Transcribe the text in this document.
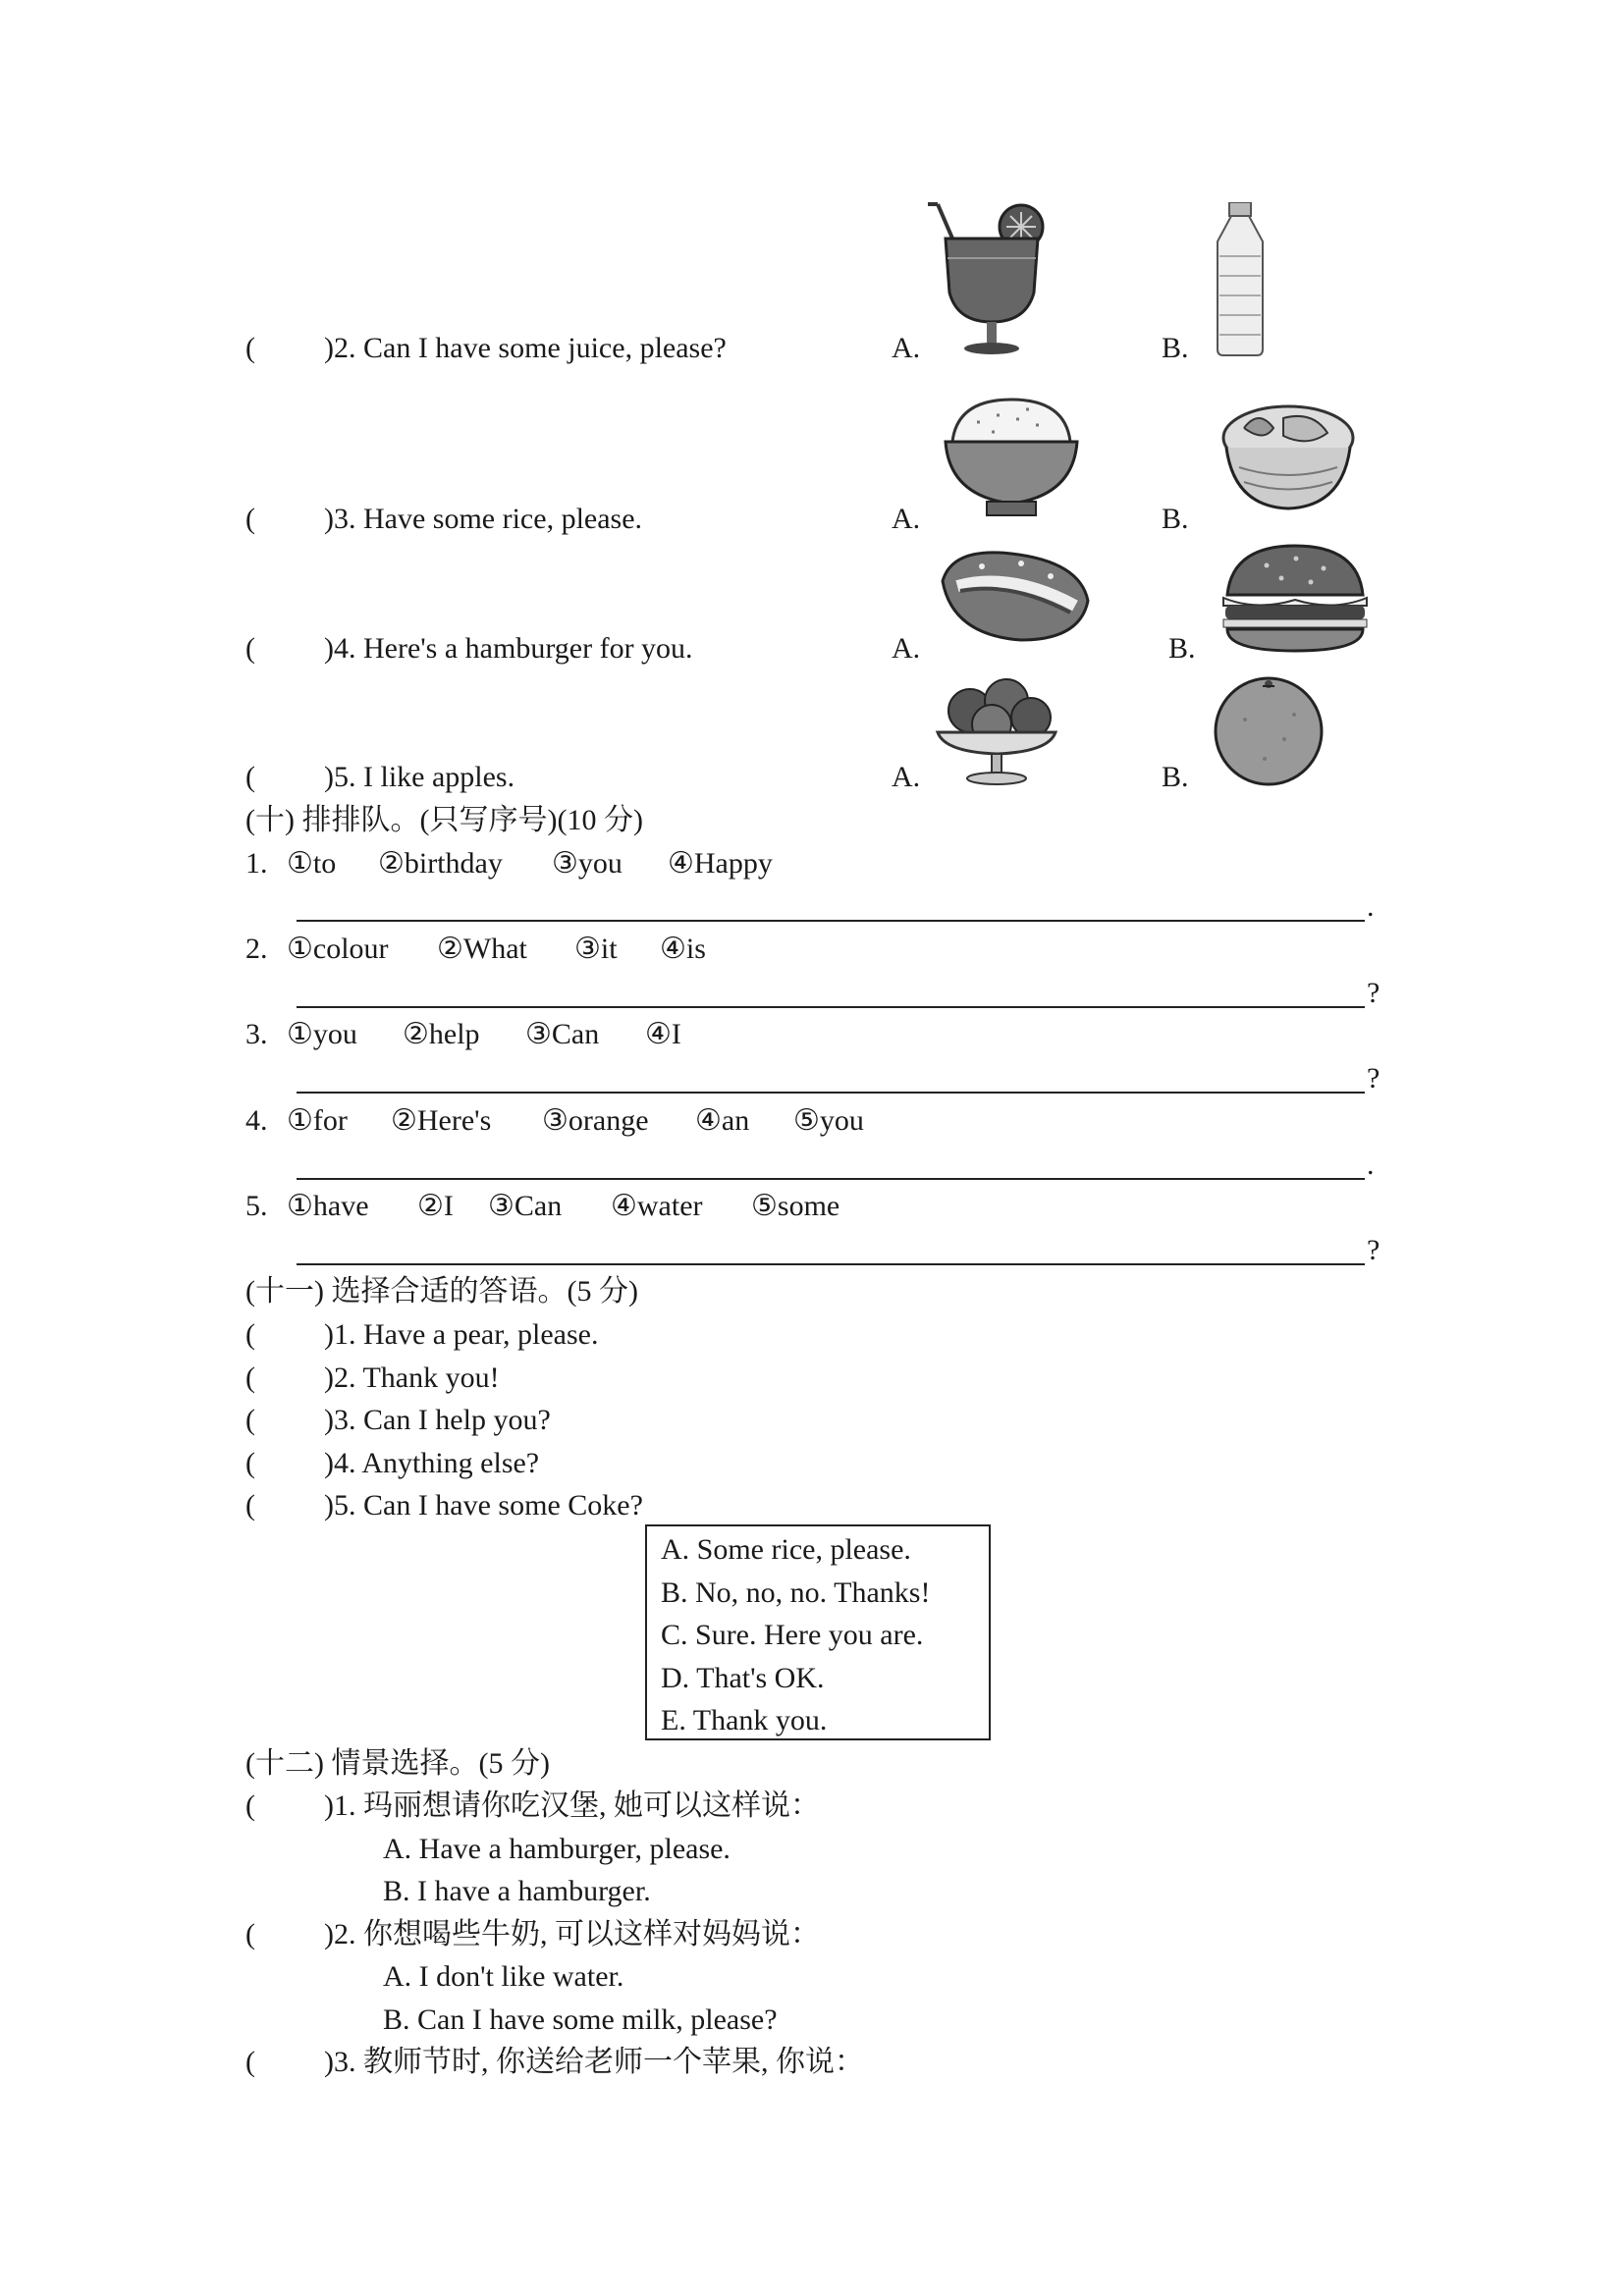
( )2. Can I have some juice, please?	A.	B.
( )3. Have some rice, please.	A.	B.
( )4. Here's a hamburger for you.	A.	B.
( )5. I like apples.	A.	B.
(十) 排排队。(只写序号)(10 分)
1. ①to ②birthday ③you ④Happy
.
2. ①colour ②What ③it ④is
?
3. ①you ②help ③Can ④I
?
4. ①for ②Here's ③orange ④an ⑤you
.
5. ①have ②I ③Can ④water ⑤some
?
(十一) 选择合适的答语。(5 分)
( )1. Have a pear, please.
( )2. Thank you!
( )3. Can I help you?
( )4. Anything else?
( )5. Can I have some Coke?
A. Some rice, please.
B. No, no, no. Thanks!
C. Sure. Here you are.
D. That's OK.
E. Thank you.
(十二) 情景选择。(5 分)
( )1. 玛丽想请你吃汉堡, 她可以这样说：
A. Have a hamburger, please.
B. I have a hamburger.
( )2. 你想喝些牛奶, 可以这样对妈妈说：
A. I don't like water.
B. Can I have some milk, please?
( )3. 教师节时, 你送给老师一个苹果, 你说：
